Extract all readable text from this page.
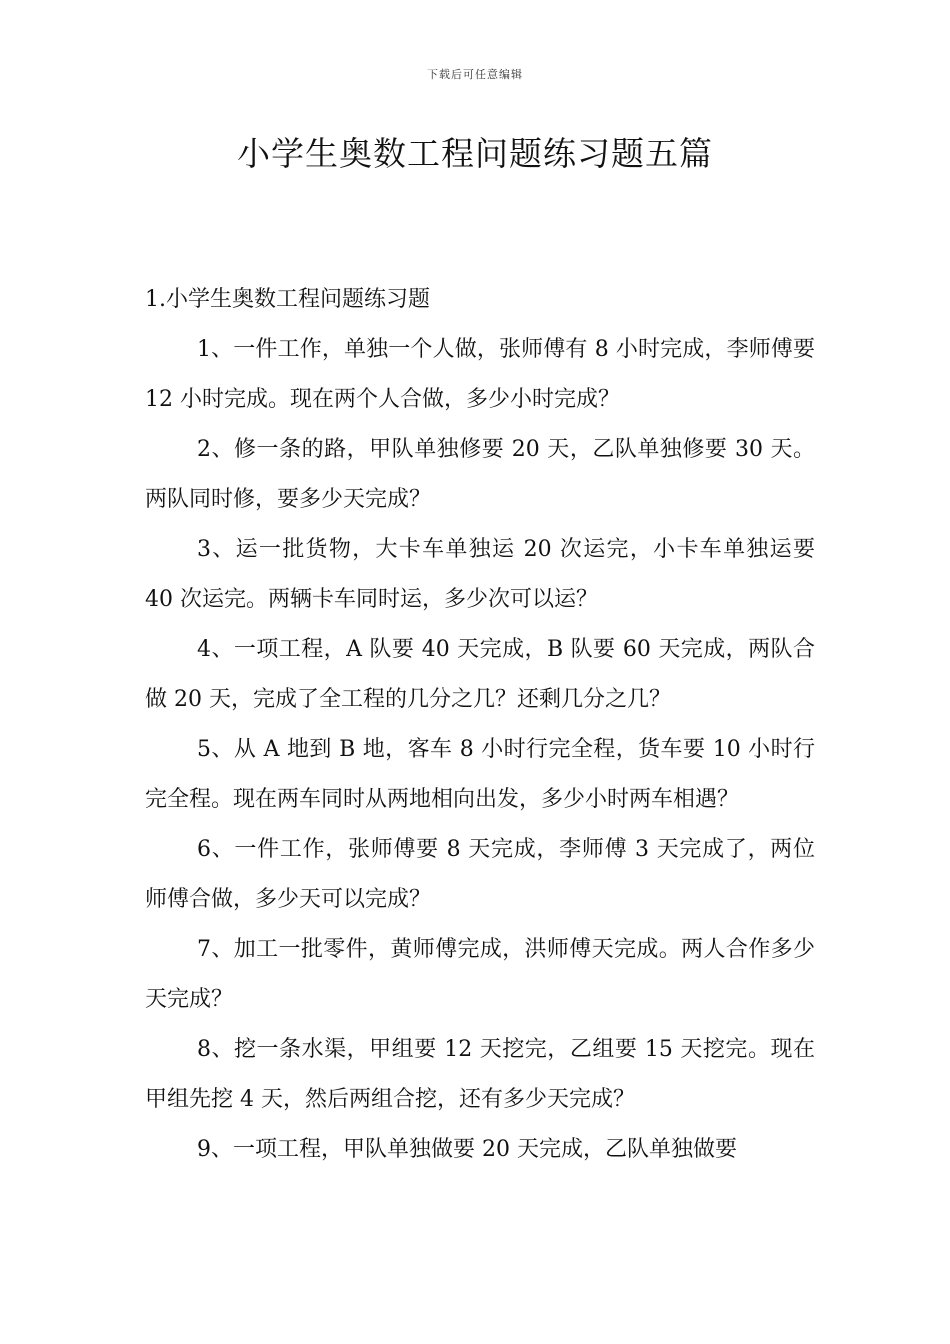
下载后可任意编辑
小学生奥数工程问题练习题五篇

1.小学生奥数工程问题练习题

1、一件工作，单独一个人做，张师傅有 8 小时完成，李师傅要 12 小时完成。现在两个人合做，多少小时完成？

2、修一条的路，甲队单独修要 20 天，乙队单独修要 30 天。两队同时修，要多少天完成？

3、运一批货物，大卡车单独运 20 次运完，小卡车单独运要 40 次运完。两辆卡车同时运，多少次可以运？

4、一项工程，A 队要 40 天完成，B 队要 60 天完成，两队合做 20 天，完成了全工程的几分之几？还剩几分之几？

5、从 A 地到 B 地，客车 8 小时行完全程，货车要 10 小时行完全程。现在两车同时从两地相向出发，多少小时两车相遇？

6、一件工作，张师傅要 8 天完成，李师傅 3 天完成了，两位师傅合做，多少天可以完成？

7、加工一批零件，黄师傅完成，洪师傅天完成。两人合作多少天完成？

8、挖一条水渠，甲组要 12 天挖完，乙组要 15 天挖完。现在甲组先挖 4 天，然后两组合挖，还有多少天完成？

9、一项工程，甲队单独做要 20 天完成，乙队单独做要
